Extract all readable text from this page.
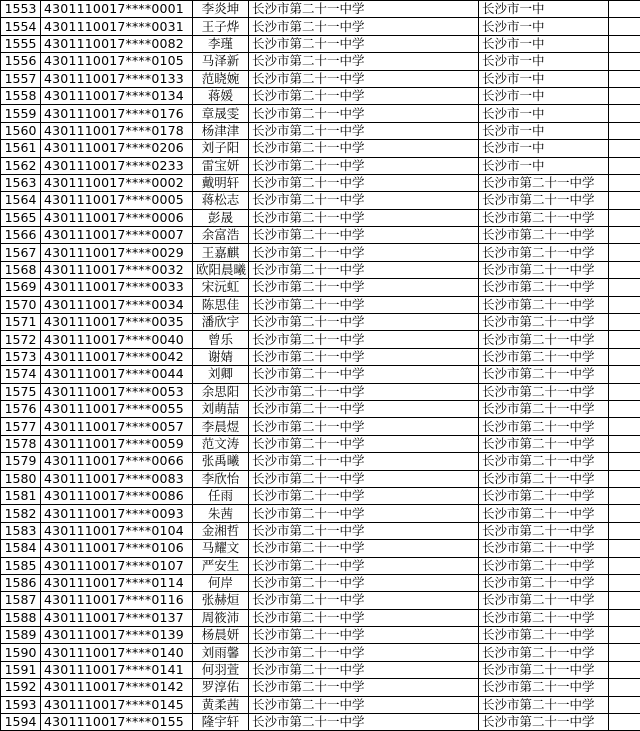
1553	4301110017****0001	李炎坤	长沙市第二十一中学	长沙市一中	
1554	4301110017****0031	王子烨	长沙市第二十一中学	长沙市一中	
1555	4301110017****0082	李瑾	长沙市第二十一中学	长沙市一中	
1556	4301110017****0105	马泽新	长沙市第二十一中学	长沙市一中	
1557	4301110017****0133	范晓婉	长沙市第二十一中学	长沙市一中	
1558	4301110017****0134	蒋媛	长沙市第二十一中学	长沙市一中	
1559	4301110017****0176	章晟雯	长沙市第二十一中学	长沙市一中	
1560	4301110017****0178	杨津津	长沙市第二十一中学	长沙市一中	
1561	4301110017****0206	刘子阳	长沙市第二十一中学	长沙市一中	
1562	4301110017****0233	雷宝妍	长沙市第二十一中学	长沙市一中	
1563	4301110017****0002	戴明轩	长沙市第二十一中学	长沙市第二十一中学	
1564	4301110017****0005	蒋松志	长沙市第二十一中学	长沙市第二十一中学	
1565	4301110017****0006	彭晟	长沙市第二十一中学	长沙市第二十一中学	
1566	4301110017****0007	余富浩	长沙市第二十一中学	长沙市第二十一中学	
1567	4301110017****0029	王嘉麒	长沙市第二十一中学	长沙市第二十一中学	
1568	4301110017****0032	欧阳晨曦	长沙市第二十一中学	长沙市第二十一中学	
1569	4301110017****0033	宋沅虹	长沙市第二十一中学	长沙市第二十一中学	
1570	4301110017****0034	陈思佳	长沙市第二十一中学	长沙市第二十一中学	
1571	4301110017****0035	潘欣宇	长沙市第二十一中学	长沙市第二十一中学	
1572	4301110017****0040	曾乐	长沙市第二十一中学	长沙市第二十一中学	
1573	4301110017****0042	谢婧	长沙市第二十一中学	长沙市第二十一中学	
1574	4301110017****0044	刘卿	长沙市第二十一中学	长沙市第二十一中学	
1575	4301110017****0053	余思阳	长沙市第二十一中学	长沙市第二十一中学	
1576	4301110017****0055	刘萌喆	长沙市第二十一中学	长沙市第二十一中学	
1577	4301110017****0057	李晨煜	长沙市第二十一中学	长沙市第二十一中学	
1578	4301110017****0059	范文涛	长沙市第二十一中学	长沙市第二十一中学	
1579	4301110017****0066	张禹曦	长沙市第二十一中学	长沙市第二十一中学	
1580	4301110017****0083	李欣怡	长沙市第二十一中学	长沙市第二十一中学	
1581	4301110017****0086	任雨	长沙市第二十一中学	长沙市第二十一中学	
1582	4301110017****0093	朱茜	长沙市第二十一中学	长沙市第二十一中学	
1583	4301110017****0104	金湘哲	长沙市第二十一中学	长沙市第二十一中学	
1584	4301110017****0106	马耀文	长沙市第二十一中学	长沙市第二十一中学	
1585	4301110017****0107	严安生	长沙市第二十一中学	长沙市第二十一中学	
1586	4301110017****0114	何岸	长沙市第二十一中学	长沙市第二十一中学	
1587	4301110017****0116	张赫烜	长沙市第二十一中学	长沙市第二十一中学	
1588	4301110017****0137	周筱沛	长沙市第二十一中学	长沙市第二十一中学	
1589	4301110017****0139	杨晨妍	长沙市第二十一中学	长沙市第二十一中学	
1590	4301110017****0140	刘雨馨	长沙市第二十一中学	长沙市第二十一中学	
1591	4301110017****0141	何羽萱	长沙市第二十一中学	长沙市第二十一中学	
1592	4301110017****0142	罗淳佑	长沙市第二十一中学	长沙市第二十一中学	
1593	4301110017****0145	黄柔茜	长沙市第二十一中学	长沙市第二十一中学	
1594	4301110017****0155	隆宇轩	长沙市第二十一中学	长沙市第二十一中学	
